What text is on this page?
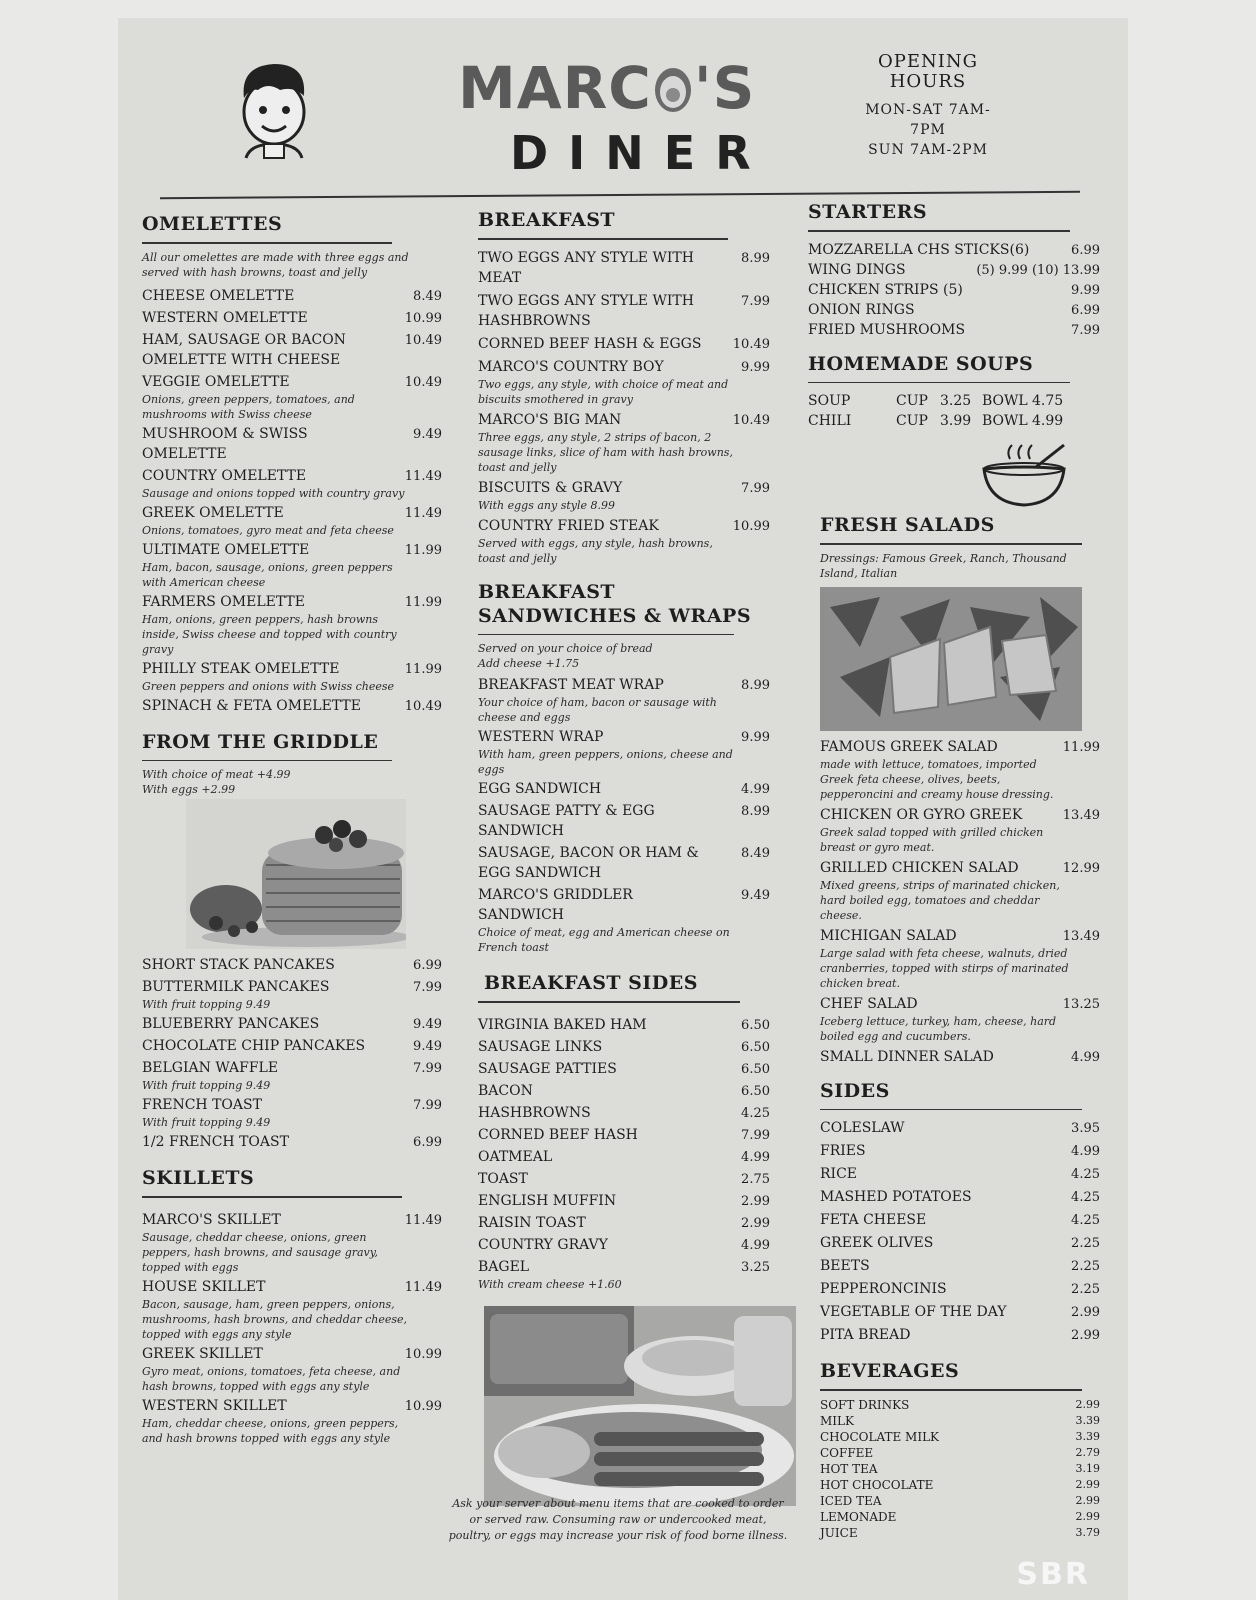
MARC 'S
DINER
OPENING
HOURS
MON-SAT 7AM-7PM
SUN 7AM-2PM
OMELETTES
All our omelettes are made with three eggs and served with hash browns, toast and jelly
CHEESE OMELETTE	8.49
WESTERN OMELETTE	10.99
HAM, SAUSAGE OR BACON OMELETTE WITH CHEESE
10.49
VEGGIE OMELETTE	10.49
Onions, green peppers, tomatoes, and mushrooms with Swiss cheese
MUSHROOM & SWISS OMELETTE
9.49
COUNTRY OMELETTE	11.49
Sausage and onions topped with country gravy
GREEK OMELETTE	11.49
Onions, tomatoes, gyro meat and feta cheese
ULTIMATE OMELETTE	11.99
Ham, bacon, sausage, onions, green peppers with American cheese
FARMERS OMELETTE	11.99
Ham, onions, green peppers, hash browns inside, Swiss cheese and topped with country gravy
PHILLY STEAK OMELETTE	11.99
Green peppers and onions with Swiss cheese
SPINACH & FETA OMELETTE	10.49
FROM THE GRIDDLE
With choice of meat +4.99
With eggs +2.99
SHORT STACK PANCAKES	6.99
BUTTERMILK PANCAKES	7.99
With fruit topping 9.49
BLUEBERRY PANCAKES	9.49
CHOCOLATE CHIP PANCAKES	9.49
BELGIAN WAFFLE	7.99
With fruit topping 9.49
FRENCH TOAST	7.99
With fruit topping 9.49
1/2 FRENCH TOAST	6.99
SKILLETS
MARCO'S SKILLET	11.49
Sausage, cheddar cheese, onions, green peppers, hash browns, and sausage gravy, topped with eggs
HOUSE SKILLET	11.49
Bacon, sausage, ham, green peppers, onions, mushrooms, hash browns, and cheddar cheese, topped with eggs any style
GREEK SKILLET	10.99
Gyro meat, onions, tomatoes, feta cheese, and hash browns, topped with eggs any style
WESTERN SKILLET	10.99
Ham, cheddar cheese, onions, green peppers, and hash browns topped with eggs any style
BREAKFAST
TWO EGGS ANY STYLE WITH MEAT
8.99
TWO EGGS ANY STYLE WITH HASHBROWNS
7.99
CORNED BEEF HASH & EGGS	10.49
MARCO'S COUNTRY BOY	9.99
Two eggs, any style, with choice of meat and biscuits smothered in gravy
MARCO'S BIG MAN	10.49
Three eggs, any style, 2 strips of bacon, 2 sausage links, slice of ham with hash browns, toast and jelly
BISCUITS & GRAVY	7.99
With eggs any style 8.99
COUNTRY FRIED STEAK	10.99
Served with eggs, any style, hash browns, toast and jelly
BREAKFAST
SANDWICHES & WRAPS
Served on your choice of bread
Add cheese +1.75
BREAKFAST MEAT WRAP	8.99
Your choice of ham, bacon or sausage with cheese and eggs
WESTERN WRAP	9.99
With ham, green peppers, onions, cheese and eggs
EGG SANDWICH	4.99
SAUSAGE PATTY & EGG SANDWICH
8.99
SAUSAGE, BACON OR HAM & EGG SANDWICH
8.49
MARCO'S GRIDDLER SANDWICH
9.49
Choice of meat, egg and American cheese on French toast
BREAKFAST SIDES
VIRGINIA BAKED HAM	6.50
SAUSAGE LINKS	6.50
SAUSAGE PATTIES	6.50
BACON	6.50
HASHBROWNS	4.25
CORNED BEEF HASH	7.99
OATMEAL	4.99
TOAST	2.75
ENGLISH MUFFIN	2.99
RAISIN TOAST	2.99
COUNTRY GRAVY	4.99
BAGEL	3.25
With cream cheese +1.60
STARTERS
MOZZARELLA CHS STICKS(6)	6.99
WING DINGS	(5) 9.99 (10) 13.99
CHICKEN STRIPS (5)	9.99
ONION RINGS	6.99
FRIED MUSHROOMS	7.99
HOMEMADE SOUPS
SOUP	CUP 3.25 BOWL 4.75
CHILI	CUP 3.99 BOWL 4.99
FRESH SALADS
Dressings: Famous Greek, Ranch, Thousand Island, Italian
FAMOUS GREEK SALAD	11.99
made with lettuce, tomatoes, imported Greek feta cheese, olives, beets, pepperoncini and creamy house dressing.
CHICKEN OR GYRO GREEK	13.49
Greek salad topped with grilled chicken breast or gyro meat.
GRILLED CHICKEN SALAD	12.99
Mixed greens, strips of marinated chicken, hard boiled egg, tomatoes and cheddar cheese.
MICHIGAN SALAD	13.49
Large salad with feta cheese, walnuts, dried cranberries, topped with stirps of marinated chicken breat.
CHEF SALAD	13.25
Iceberg lettuce, turkey, ham, cheese, hard boiled egg and cucumbers.
SMALL DINNER SALAD	4.99
SIDES
COLESLAW	3.95
FRIES	4.99
RICE	4.25
MASHED POTATOES	4.25
FETA CHEESE	4.25
GREEK OLIVES	2.25
BEETS	2.25
PEPPERONCINIS	2.25
VEGETABLE OF THE DAY	2.99
PITA BREAD	2.99
BEVERAGES
SOFT DRINKS	2.99
MILK	3.39
CHOCOLATE MILK	3.39
COFFEE	2.79
HOT TEA	3.19
HOT CHOCOLATE	2.99
ICED TEA	2.99
LEMONADE	2.99
JUICE	3.79
Ask your server about menu items that are cooked to order or served raw. Consuming raw or undercooked meat, poultry, or eggs may increase your risk of food borne illness.
SBR
